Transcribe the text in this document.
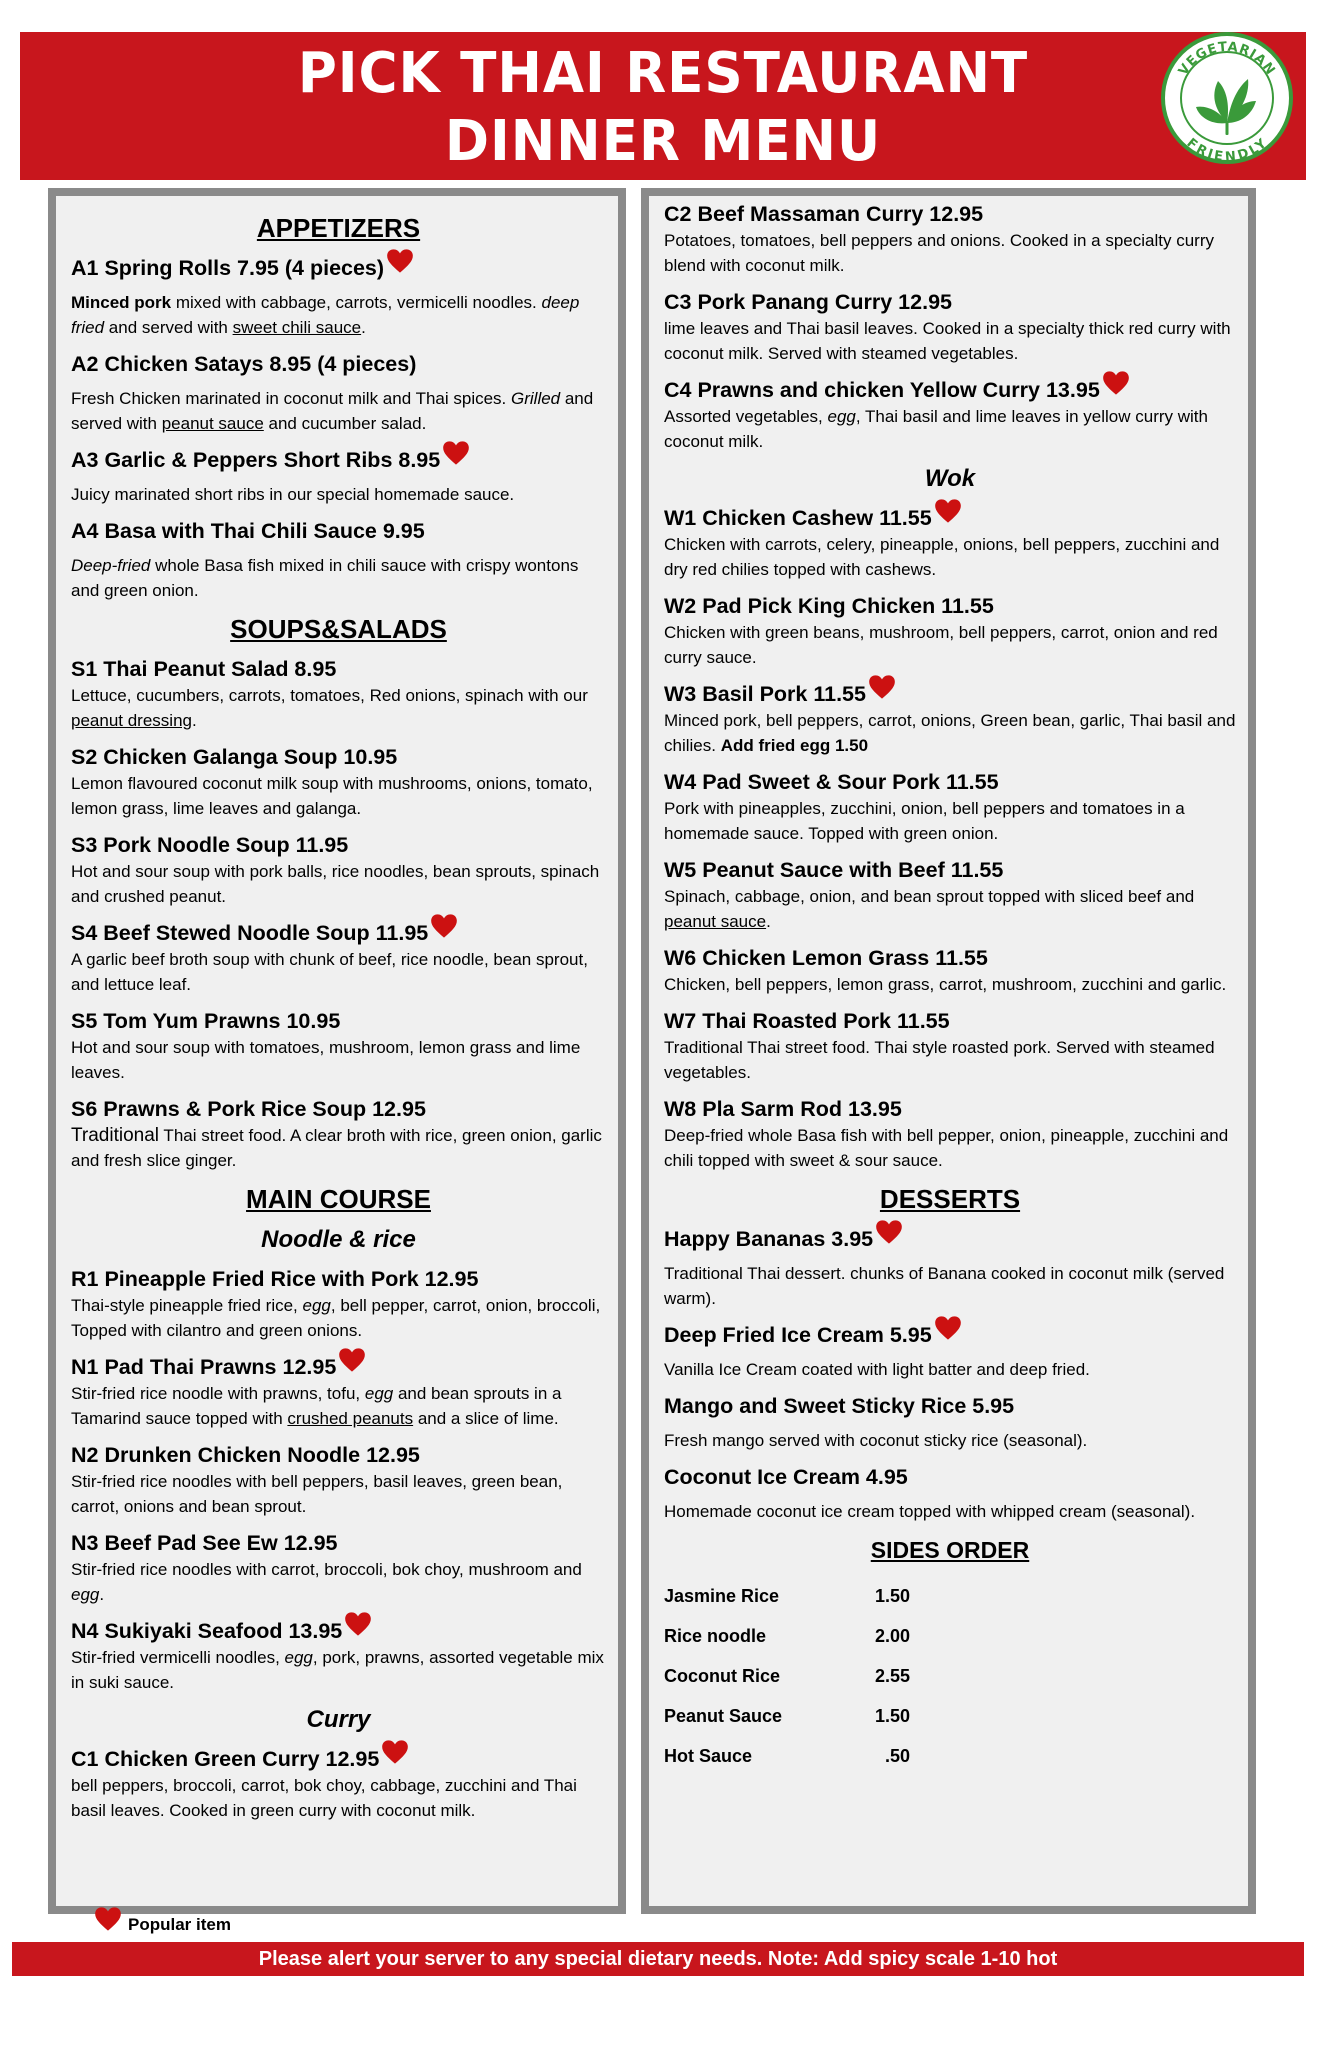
PICK THAI RESTAURANT
DINNER MENU
VEGETARIAN
FRIENDLY
APPETIZERS
A1 Spring Rolls 7.95 (4 pieces)
Minced pork mixed with cabbage, carrots, vermicelli noodles. deep fried and served with sweet chili sauce.
A2 Chicken Satays 8.95 (4 pieces)
Fresh Chicken marinated in coconut milk and Thai spices. Grilled and served with peanut sauce and cucumber salad.
A3 Garlic & Peppers Short Ribs 8.95
Juicy marinated short ribs in our special homemade sauce.
A4 Basa with Thai Chili Sauce 9.95
Deep-fried whole Basa fish mixed in chili sauce with crispy wontons and green onion.
SOUPS&SALADS
S1 Thai Peanut Salad 8.95
Lettuce, cucumbers, carrots, tomatoes, Red onions, spinach with our peanut dressing.
S2 Chicken Galanga Soup 10.95
Lemon flavoured coconut milk soup with mushrooms, onions, tomato, lemon grass, lime leaves and galanga.
S3 Pork Noodle Soup 11.95
Hot and sour soup with pork balls, rice noodles, bean sprouts, spinach and crushed peanut.
S4 Beef Stewed Noodle Soup 11.95
A garlic beef broth soup with chunk of beef, rice noodle, bean sprout, and lettuce leaf.
S5 Tom Yum Prawns 10.95
Hot and sour soup with tomatoes, mushroom, lemon grass and lime leaves.
S6 Prawns & Pork Rice Soup 12.95
Traditional Thai street food. A clear broth with rice, green onion, garlic and fresh slice ginger.
MAIN COURSE
Noodle & rice
R1 Pineapple Fried Rice with Pork 12.95
Thai-style pineapple fried rice, egg, bell pepper, carrot, onion, broccoli, Topped with cilantro and green onions.
N1 Pad Thai Prawns 12.95
Stir-fried rice noodle with prawns, tofu, egg and bean sprouts in a Tamarind sauce topped with crushed peanuts and a slice of lime.
N2 Drunken Chicken Noodle 12.95
Stir-fried rice noodles with bell peppers, basil leaves, green bean, carrot, onions and bean sprout.
N3 Beef Pad See Ew 12.95
Stir-fried rice noodles with carrot, broccoli, bok choy, mushroom and egg.
N4 Sukiyaki Seafood 13.95
Stir-fried vermicelli noodles, egg, pork, prawns, assorted vegetable mix in suki sauce.
Curry
C1 Chicken Green Curry 12.95
bell peppers, broccoli, carrot, bok choy, cabbage, zucchini and Thai basil leaves. Cooked in green curry with coconut milk.
C2 Beef Massaman Curry 12.95
Potatoes, tomatoes, bell peppers and onions. Cooked in a specialty curry blend with coconut milk.
C3 Pork Panang Curry 12.95
lime leaves and Thai basil leaves. Cooked in a specialty thick red curry with coconut milk. Served with steamed vegetables.
C4 Prawns and chicken Yellow Curry 13.95
Assorted vegetables, egg, Thai basil and lime leaves in yellow curry with coconut milk.
Wok
W1 Chicken Cashew 11.55
Chicken with carrots, celery, pineapple, onions, bell peppers, zucchini and dry red chilies topped with cashews.
W2 Pad Pick King Chicken 11.55
Chicken with green beans, mushroom, bell peppers, carrot, onion and red curry sauce.
W3 Basil Pork 11.55
Minced pork, bell peppers, carrot, onions, Green bean, garlic, Thai basil and chilies. Add fried egg 1.50
W4 Pad Sweet & Sour Pork 11.55
Pork with pineapples, zucchini, onion, bell peppers and tomatoes in a homemade sauce. Topped with green onion.
W5 Peanut Sauce with Beef 11.55
Spinach, cabbage, onion, and bean sprout topped with sliced beef and peanut sauce.
W6 Chicken Lemon Grass 11.55
Chicken, bell peppers, lemon grass, carrot, mushroom, zucchini and garlic.
W7 Thai Roasted Pork 11.55
Traditional Thai street food. Thai style roasted pork. Served with steamed vegetables.
W8 Pla Sarm Rod 13.95
Deep-fried whole Basa fish with bell pepper, onion, pineapple, zucchini and chili topped with sweet & sour sauce.
DESSERTS
Happy Bananas 3.95
Traditional Thai dessert. chunks of Banana cooked in coconut milk (served warm).
Deep Fried Ice Cream 5.95
Vanilla Ice Cream coated with light batter and deep fried.
Mango and Sweet Sticky Rice 5.95
Fresh mango served with coconut sticky rice (seasonal).
Coconut Ice Cream 4.95
Homemade coconut ice cream topped with whipped cream (seasonal).
SIDES ORDER
Jasmine Rice	1.50
Rice noodle	2.00
Coconut Rice	2.55
Peanut Sauce	1.50
Hot Sauce	.50
Popular item
Please alert your server to any special dietary needs. Note: Add spicy scale 1-10 hot
